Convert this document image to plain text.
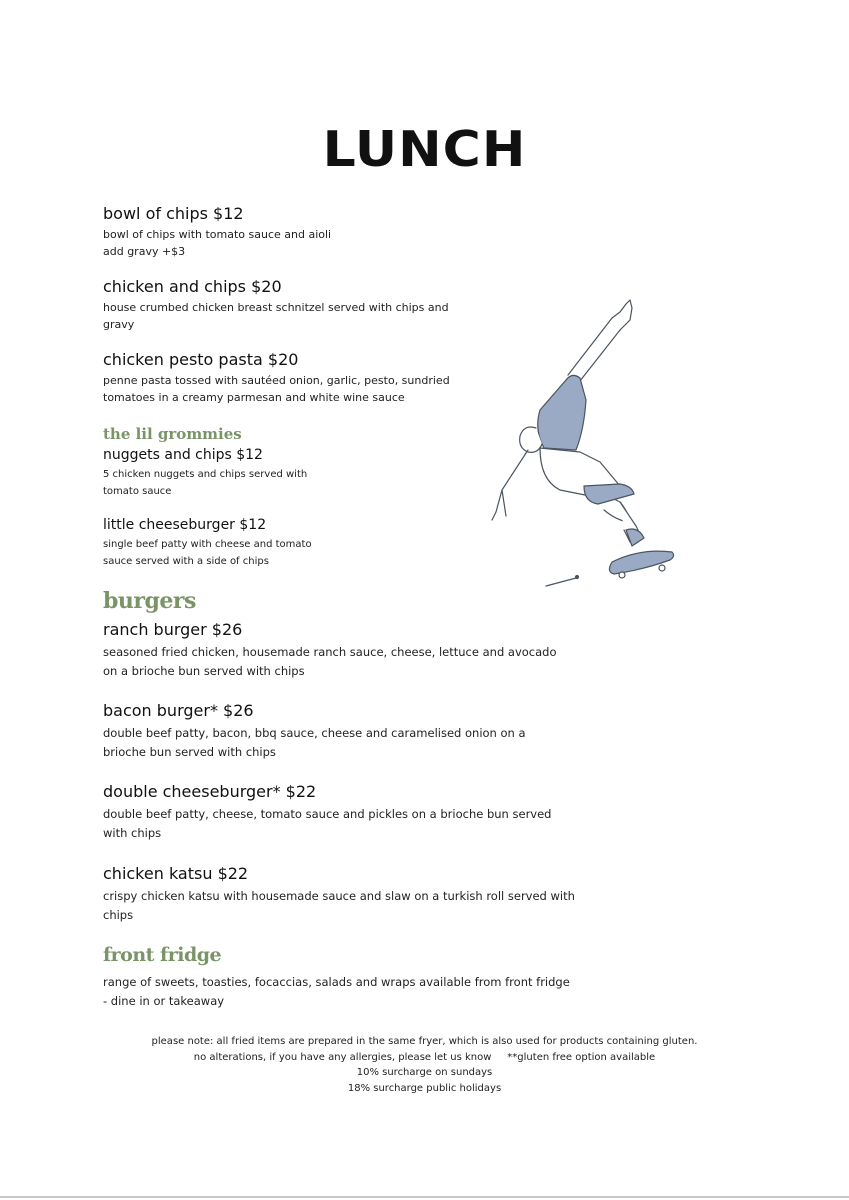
LUNCH

bowl of chips $12

bowl of chips with tomato sauce and aioli
add gravy +$3

chicken and chips $20

house crumbed chicken breast schnitzel served with chips and
gravy

chicken pesto pasta $20

penne pasta tossed with sautéed onion, garlic, pesto, sundried
tomatoes in a creamy parmesan and white wine sauce

the lil grommies

nuggets and chips $12

5 chicken nuggets and chips served with
tomato sauce

little cheeseburger $12

single beef patty with cheese and tomato
sauce served with a side of chips

burgers

ranch burger $26

seasoned fried chicken, housemade ranch sauce, cheese, lettuce and avocado
on a brioche bun served with chips

bacon burger* $26

double beef patty, bacon, bbq sauce, cheese and caramelised onion on a
brioche bun served with chips

double cheeseburger* $22

double beef patty, cheese, tomato sauce and pickles on a brioche bun served
with chips

chicken katsu $22

crispy chicken katsu with housemade sauce and slaw on a turkish roll served with
chips

front fridge

range of sweets, toasties, focaccias, salads and wraps available from front fridge
- dine in or takeaway

please note: all fried items are prepared in the same fryer, which is also used for products containing gluten.
no alterations, if you have any allergies, please let us know     **gluten free option available
10% surcharge on sundays
18% surcharge public holidays
